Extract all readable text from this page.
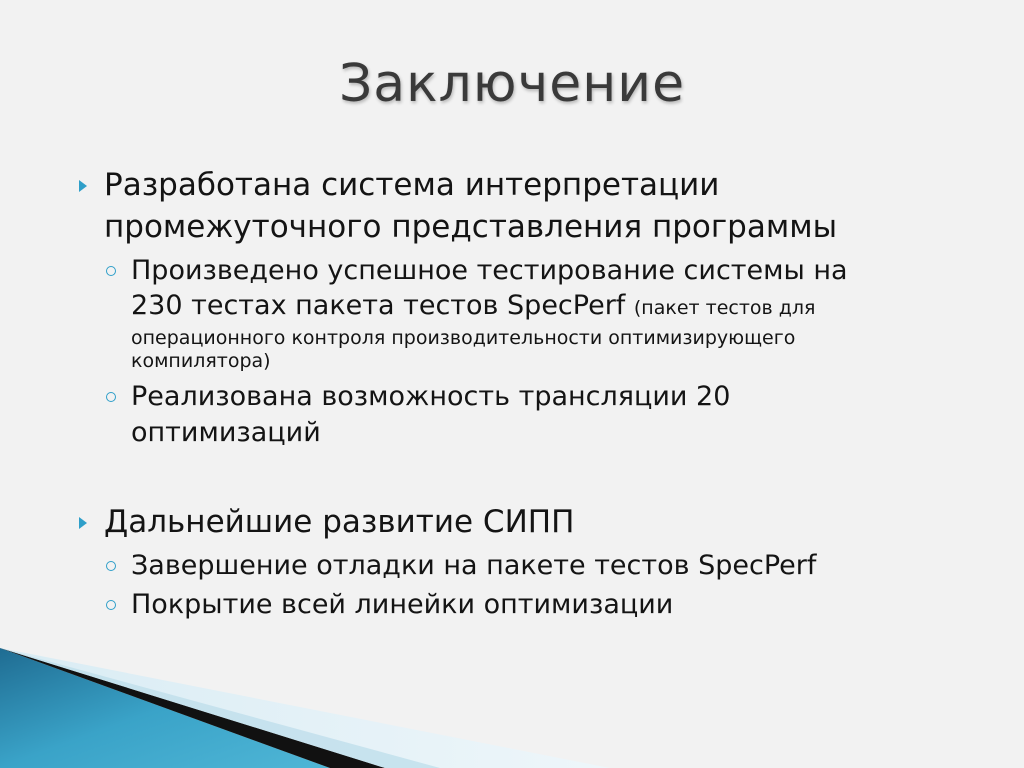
Заключение
Разработана система интерпретации
промежуточного представления программы
Произведено успешное тестирование системы на
230 тестах пакета тестов SpecPerf (пакет тестов для
операционного контроля производительности оптимизирующего
компилятора)
Реализована возможность трансляции 20
оптимизаций
Дальнейшие развитие СИПП
Завершение отладки на пакете тестов SpecPerf
Покрытие всей линейки оптимизации
